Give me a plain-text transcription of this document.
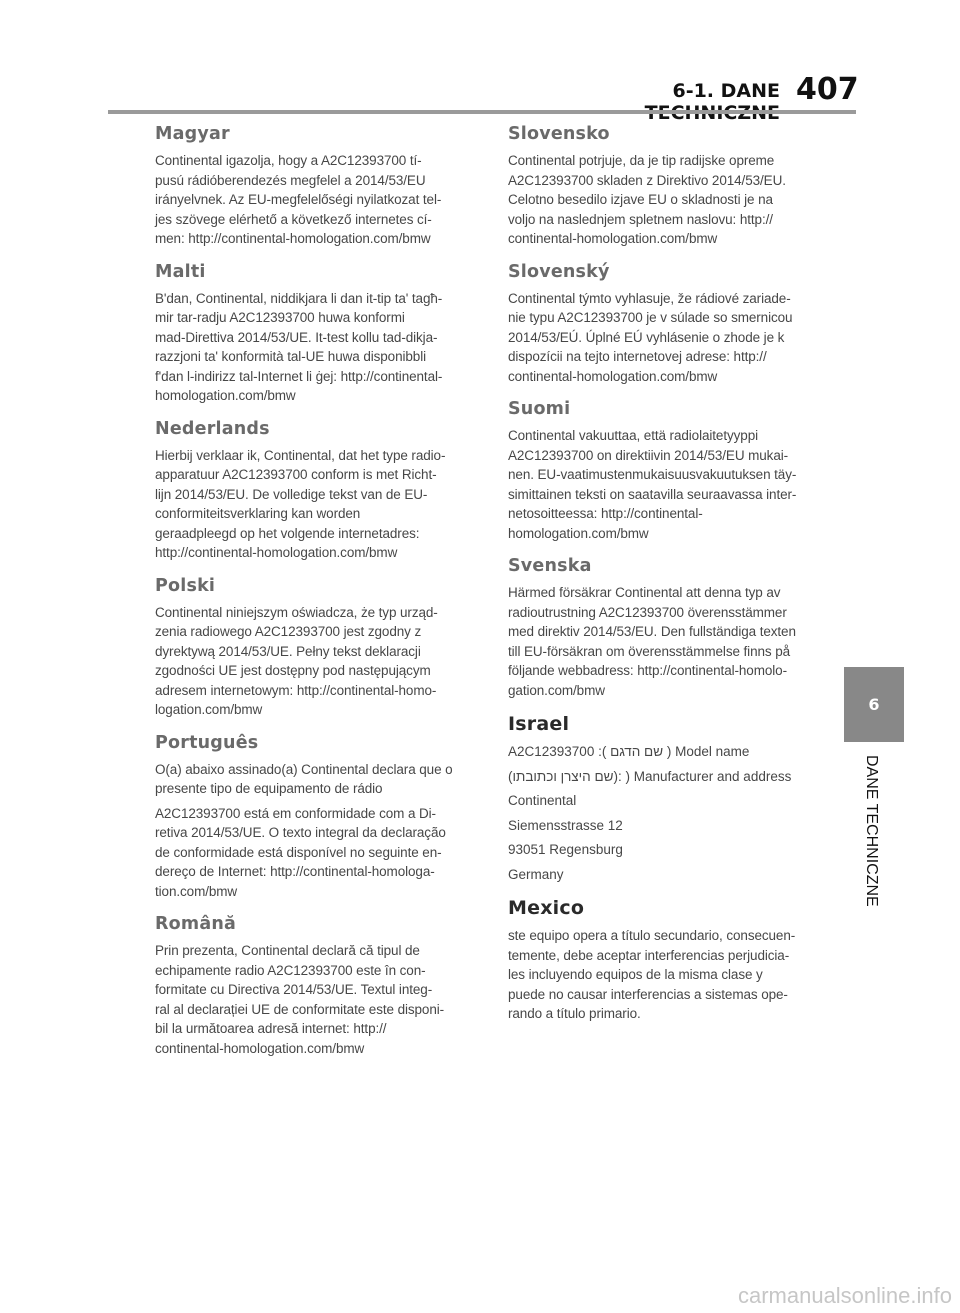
6-1. DANE 407
Magyar

Continental igazolja, hogy a A2C12393700 tí-
pusú rádióberendezés megfelel a 2014/53/EU
irányelvnek. Az EU-megfelelőségi nyilatkozat tel-
jes szövege elérhető a következő internetes cí-
men: http://continental-homologation.com/bmw

Malti

B'dan, Continental, niddikjara li dan it-tip ta' tagħ-
mir tar-radju A2C12393700 huwa konformi
mad-Direttiva 2014/53/UE. It-test kollu tad-dikja-
razzjoni ta' konformità tal-UE huwa disponibbli
f'dan l-indirizz tal-Internet li ġej: http://continental-
homologation.com/bmw

Nederlands

Hierbij verklaar ik, Continental, dat het type radio-
apparatuur A2C12393700 conform is met Richt-
lijn 2014/53/EU. De volledige tekst van de EU-
conformiteitsverklaring kan worden
geraadpleegd op het volgende internetadres:
http://continental-homologation.com/bmw

Polski

Continental niniejszym oświadcza, że typ urząd-
zenia radiowego A2C12393700 jest zgodny z
dyrektywą 2014/53/UE. Pełny tekst deklaracji
zgodności UE jest dostępny pod następującym
adresem internetowym: http://continental-homo-
logation.com/bmw

Português

O(a) abaixo assinado(a) Continental declara que o
presente tipo de equipamento de rádio

A2C12393700 está em conformidade com a Di-
retiva 2014/53/UE. O texto integral da declaração
de conformidade está disponível no seguinte en-
dereço de Internet: http://continental-homologa-
tion.com/bmw

Română

Prin prezenta, Continental declară că tipul de
echipamente radio A2C12393700 este în con-
formitate cu Directiva 2014/53/UE. Textul integ-
ral al declarației UE de conformitate este disponi-
bil la următoarea adresă internet: http://
continental-homologation.com/bmw

Slovensko

Continental potrjuje, da je tip radijske opreme
A2C12393700 skladen z Direktivo 2014/53/EU.
Celotno besedilo izjave EU o skladnosti je na
voljo na naslednjem spletnem naslovu: http://
continental-homologation.com/bmw

Slovenský

Continental týmto vyhlasuje, že rádiové zariade-
nie typu A2C12393700 je v súlade so smernicou
2014/53/EÚ. Úplné EÚ vyhlásenie o zhode je k
dispozícii na tejto internetovej adrese: http://
continental-homologation.com/bmw

Suomi

Continental vakuuttaa, että radiolaitetyyppi
A2C12393700 on direktiivin 2014/53/EU mukai-
nen. EU-vaatimustenmukaisuusvakuutuksen täy-
simittainen teksti on saatavilla seuraavassa inter-
netosoitteessa: http://continental-
homologation.com/bmw

Svenska

Härmed försäkrar Continental att denna typ av
radioutrustning A2C12393700 överensstämmer
med direktiv 2014/53/EU. Den fullständiga texten
till EU-försäkran om överensstämmelse finns på
följande webbadress: http://continental-homolo-
gation.com/bmw

Israel
A2C12393700 :( שם הדגם ) Model name
(שם היצרן וכתובתו): ) Manufacturer and address
Continental
Siemensstrasse 12
93051 Regensburg
Germany
Mexico

ste equipo opera a título secundario, consecuen-
temente, debe aceptar interferencias perjudicia-
les incluyendo equipos de la misma clase y
puede no causar interferencias a sistemas ope-
rando a título primario.

6
DANE TECHNICZNE
carmanualsonline.info
